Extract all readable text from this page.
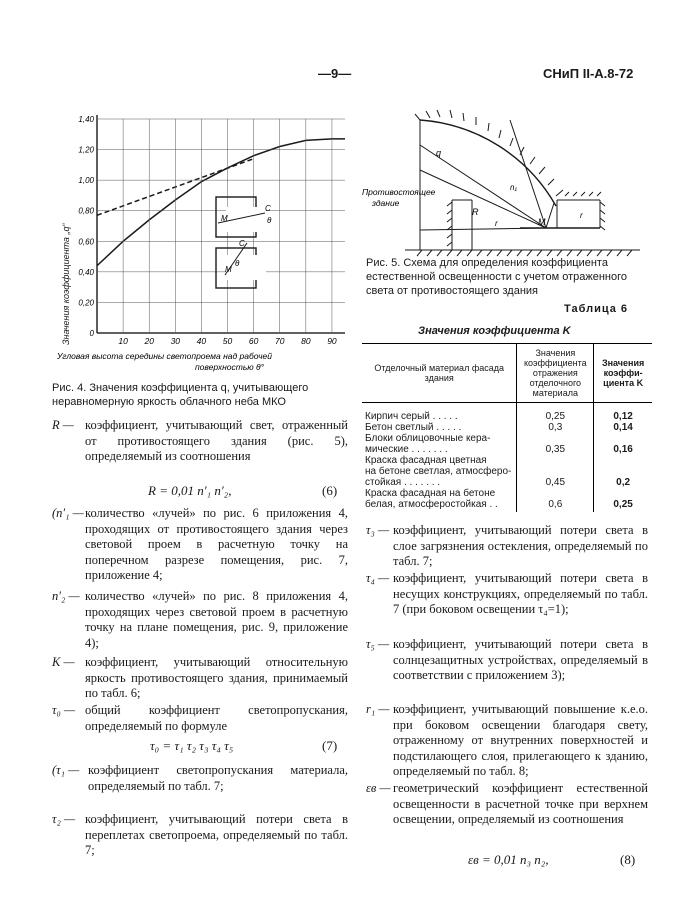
—9—	СНиП II-А.8-72
1,40
1,20
1,00
0,80
0,60
0,40
0,20
0
90
80
70
60
50
40
30
20
10
Значения коэффициента „q“
M
C
θ
M
C
θ
Угловая высота середины светопроема над рабочей
поверхностью θ°
Рис. 4. Значения коэффициента q, учитывающего неравномерную яркость облачного неба МКО
Противостоящее
здание
q
R
n₁
r	M
r
Рис. 5. Схема для определения коэффициента естественной освещенности с учетом отраженного света от противостоящего здания
Таблица 6
Значения коэффициента K
Отделочный материал фасада здания	Значения коэффициента отражения отделочного материала	Значения коэффициента K

Кирпич серый . . . . .	0,25	0,12
Бетон светлый . . . . .	0,3	0,14
Блоки облицовочные кера-
мические . . . . . . .	0,35	0,16
Краска фасадная цветная
на бетоне светлая, атмосферо-
стойкая . . . . . . .	0,45	0,2
Краска фасадная на бетоне
белая, атмосферостойкая . .	0,6	0,25
R — коэффициент, учитывающий свет, отраженный от противостоящего здания (рис. 5), определяемый из соотношения
R = 0,01 n′₁ n′₂,	(6)
(n′₁ — количество «лучей» по рис. 6 приложения 4, проходящих от противостоящего здания через световой проем в расчетную точку на поперечном разрезе помещения, рис. 7, приложение 4;
n′₂ — количество «лучей» по рис. 8 приложения 4, проходящих через световой проем в расчетную точку на плане помещения, рис. 9, приложение 4);
K — коэффициент, учитывающий относительную яркость противостоящего здания, принимаемый по табл. 6;
τ₀ — общий коэффициент светопропускания, определяемый по формуле
τ₀ = τ₁ τ₂ τ₃ τ₄ τ₅	(7)
(τ₁ — коэффициент светопропускания материала, определяемый по табл. 7;
τ₂ — коэффициент, учитывающий потери света в переплетах светопроема, определяемый по табл. 7;
τ₃ — коэффициент, учитывающий потери света в слое загрязнения остекления, определяемый по табл. 7;
τ₄ — коэффициент, учитывающий потери света в несущих конструкциях, определяемый по табл. 7 (при боковом освещении τ₄=1);
τ₅ — коэффициент, учитывающий потери света в солнцезащитных устройствах, определяемый в соответствии с приложением 3);
r₁ — коэффициент, учитывающий повышение к.е.о. при боковом освещении благодаря свету, отраженному от внутренних поверхностей и подстилающего слоя, прилегающего к зданию, определяемый по табл. 8;
εв — геометрический коэффициент естественной освещенности в расчетной точке при верхнем освещении, определяемый из соотношения
εв = 0,01 n₃ n₂,	(8)
